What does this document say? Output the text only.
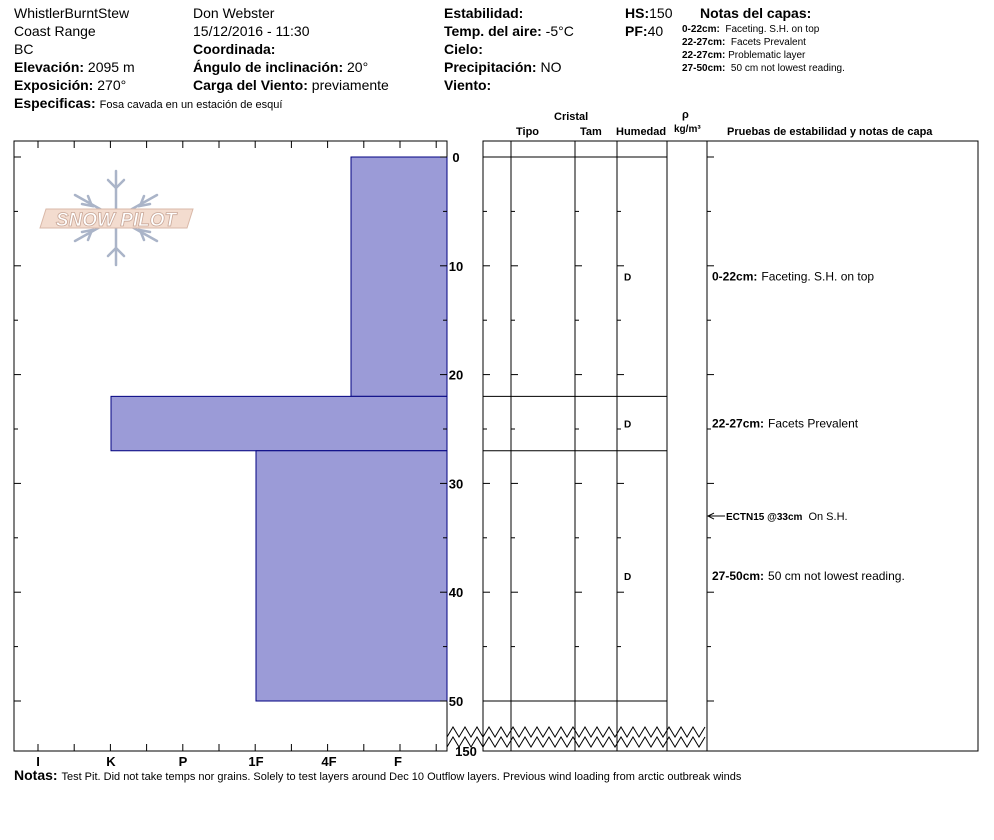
WhistlerBurntStew
Coast Range
BC
Elevación: 2095 m
Exposición: 270°
Especificas: Fosa cavada en un estación de esquí
Don Webster
15/12/2016 - 11:30
Coordinada:
Ángulo de inclinación: 20°
Carga del Viento: previamente
Estabilidad:
Temp. del aire: -5°C
Cielo:
Precipitación: NO
Viento:
HS:150
PF:40
Notas del capas:
0-22cm: Faceting. S.H. on top
22-27cm: Facets Prevalent
22-27cm: Problematic layer
27-50cm: 50 cm not lowest reading.
Cristal
Tipo	Tam Humedad
ρ
kg/m³ Pruebas de estabilidad y notas de capa
0
10
20
30
40
50
150
I	K	P	1F	4F	F
D
D
D
0-22cm: Faceting. S.H. on top
22-27cm: Facets Prevalent
27-50cm: 50 cm not lowest reading.
ECTN15 @33cm On S.H.
SNOW PILOT
Notas: Test Pit. Did not take temps nor grains. Solely to test layers around Dec 10 Outflow layers. Previous wind loading from arctic outbreak winds
